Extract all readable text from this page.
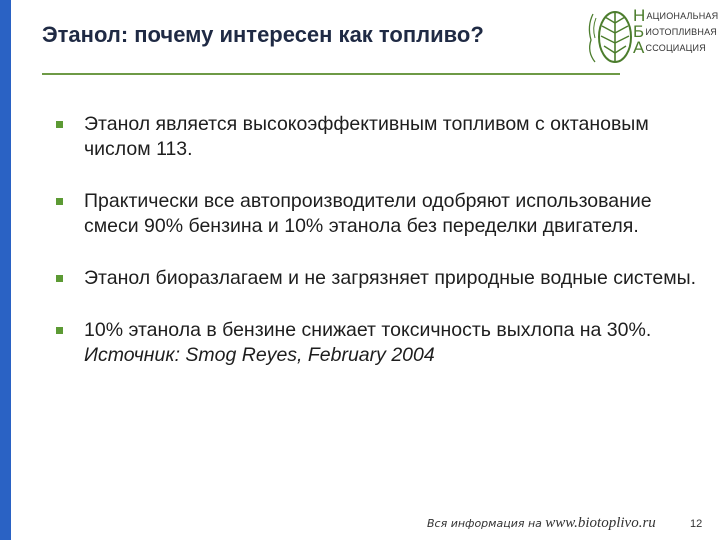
Этанол: почему интересен как топливо?
НАЦИОНАЛЬНАЯ
БИОТОПЛИВНАЯ
АССОЦИАЦИЯ
Этанол является высокоэффективным топливом с октановым числом 113.
Практически все автопроизводители одобряют использование смеси 90% бензина и 10% этанола без переделки двигателя.
Этанол биоразлагаем и не загрязняет природные водные системы.
10% этанола в бензине снижает токсичность выхлопа на 30%. Источник: Smog Reyes, February 2004
Вся информация на www.biotoplivo.ru	12
